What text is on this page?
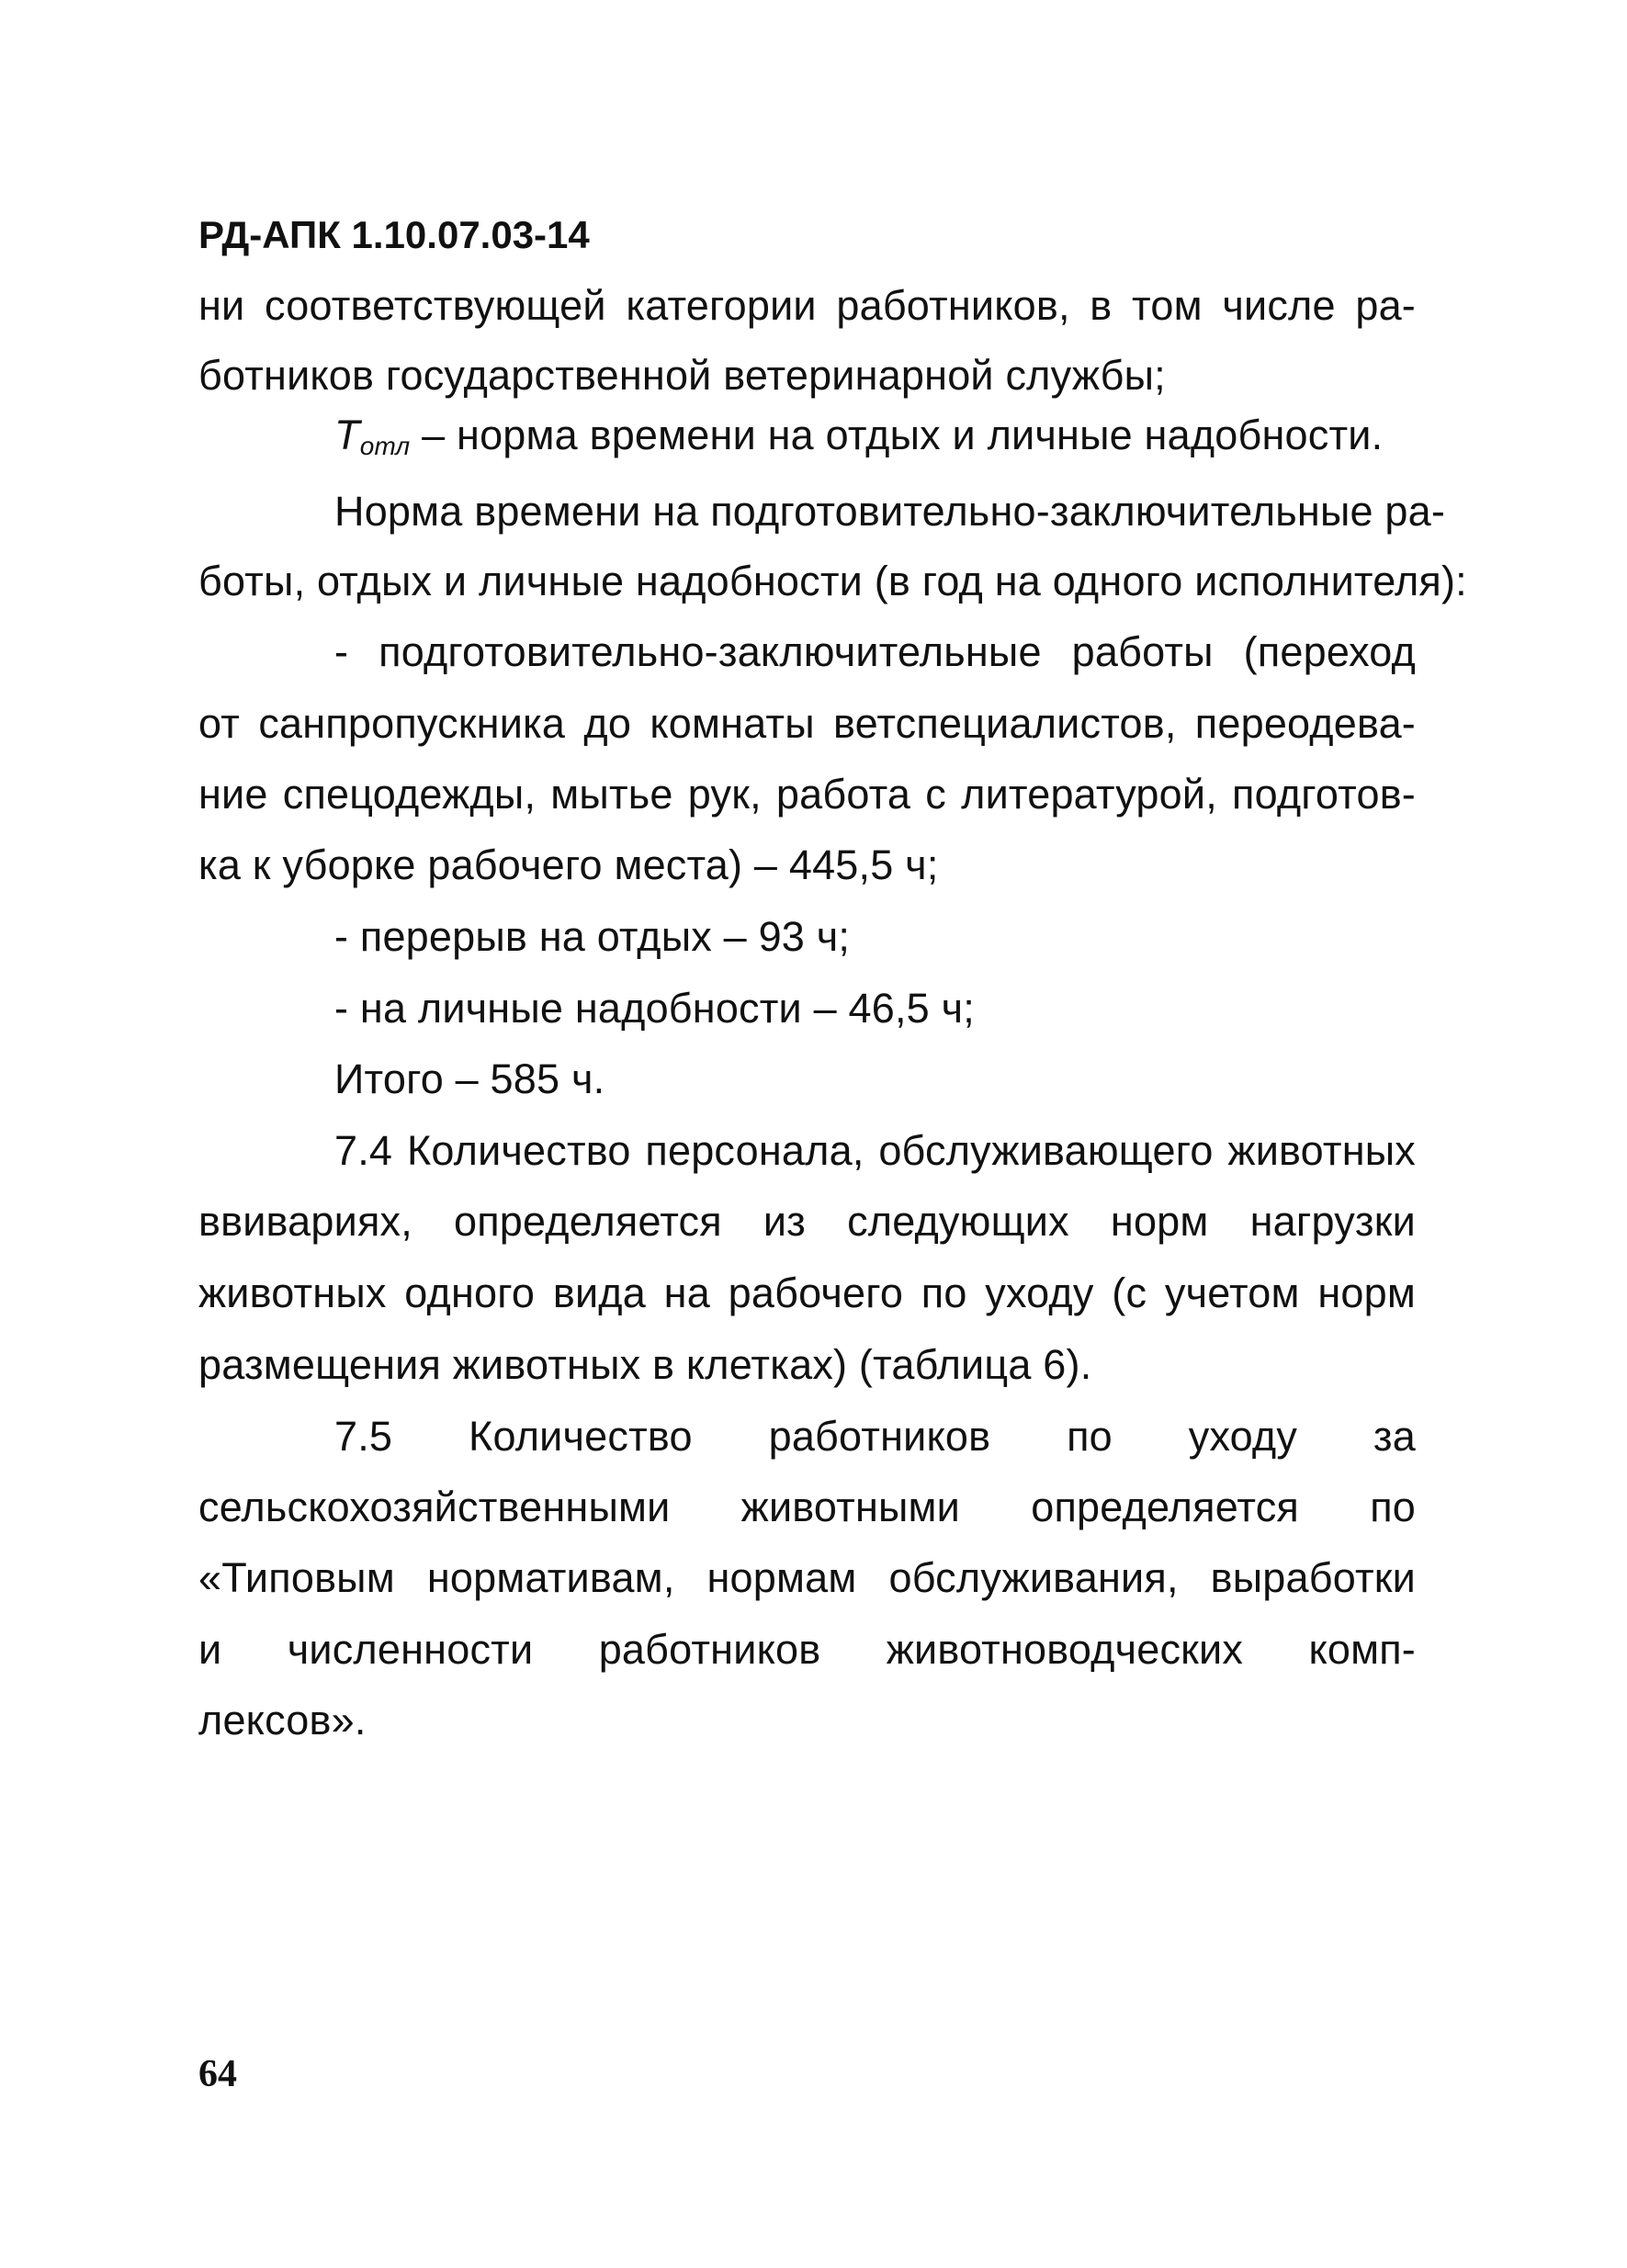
РД-АПК 1.10.07.03-14
ни соответствующей категории работников, в том числе ра-
ботников государственной ветеринарной службы;
$T_{отл}$ – норма времени на отдых и личные надобности.
Норма времени на подготовительно-заключительные ра-
боты, отдых и личные надобности (в год на одного исполнителя):
- подготовительно-заключительные работы (переход
от санпропускника до комнаты ветспециалистов, переодева-
ние спецодежды, мытье рук, работа с литературой, подготов-
ка к уборке рабочего места) – 445,5 ч;
- перерыв на отдых – 93 ч;
- на личные надобности – 46,5 ч;
Итого – 585 ч.
7.4 Количество персонала, обслуживающего животных
ввивариях, определяется из следующих норм нагрузки
животных одного вида на рабочего по уходу (с учетом норм
размещения животных в клетках) (таблица 6).
7.5 Количество работников по уходу за
сельскохозяйственными животными определяется по
«Типовым нормативам, нормам обслуживания, выработки
и численности работников животноводческих комп-
лексов».
64
